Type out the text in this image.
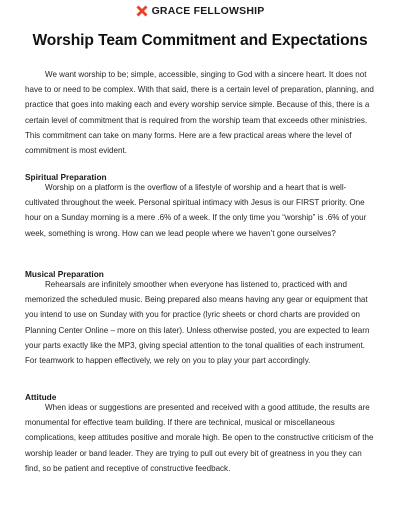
GRACE FELLOWSHIP
Worship Team Commitment and Expectations

We want worship to be; simple, accessible, singing to God with a sincere heart. It does not have to or need to be complex. With that said, there is a certain level of preparation, planning, and practice that goes into making each and every worship service simple. Because of this, there is a certain level of commitment that is required from the worship team that exceeds other ministries. This commitment can take on many forms. Here are a few practical areas where the level of commitment is most evident.

Spiritual Preparation

Worship on a platform is the overflow of a lifestyle of worship and a heart that is well-cultivated throughout the week. Personal spiritual intimacy with Jesus is our FIRST priority. One hour on a Sunday morning is a mere .6% of a week. If the only time you “worship” is .6% of your week, something is wrong. How can we lead people where we haven’t gone ourselves?

Musical Preparation

Rehearsals are infinitely smoother when everyone has listened to, practiced with and memorized the scheduled music. Being prepared also means having any gear or equipment that you intend to use on Sunday with you for practice (lyric sheets or chord charts are provided on Planning Center Online – more on this later). Unless otherwise posted, you are expected to learn your parts exactly like the MP3, giving special attention to the tonal qualities of each instrument. For teamwork to happen effectively, we rely on you to play your part accordingly.

Attitude

When ideas or suggestions are presented and received with a good attitude, the results are monumental for effective team building. If there are technical, musical or miscellaneous complications, keep attitudes positive and morale high. Be open to the constructive criticism of the worship leader or band leader. They are trying to pull out every bit of greatness in you they can find, so be patient and receptive of constructive feedback.
